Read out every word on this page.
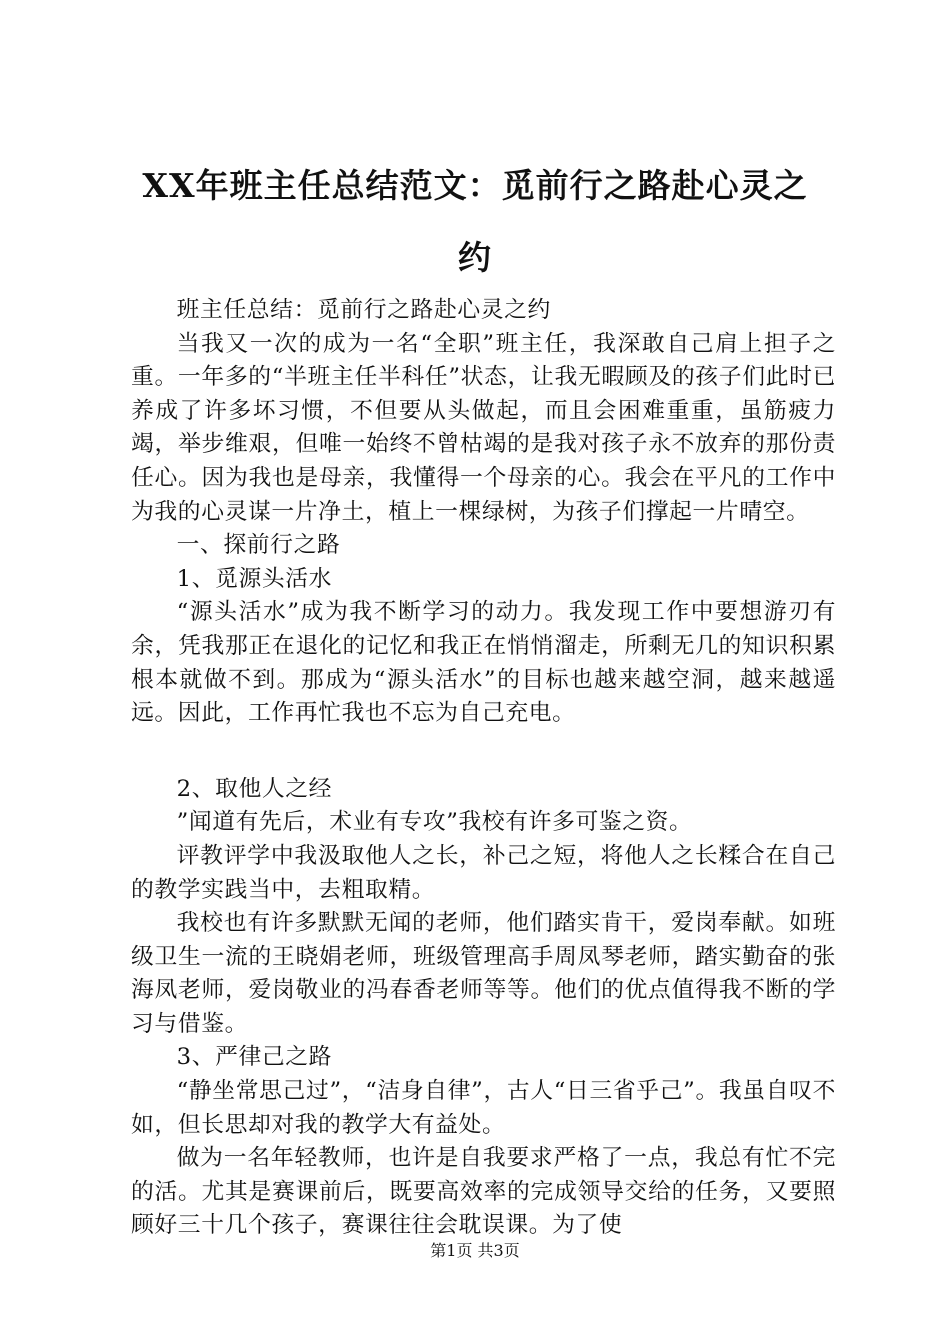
XX年班主任总结范文：觅前行之路赴心灵之
约

班主任总结：觅前行之路赴心灵之约

当我又一次的成为一名“全职”班主任，我深敢自己肩上担子之重。一年多的“半班主任半科任”状态，让我无暇顾及的孩子们此时已养成了许多坏习惯，不但要从头做起，而且会困难重重，虽筋疲力竭，举步维艰，但唯一始终不曾枯竭的是我对孩子永不放弃的那份责任心。因为我也是母亲，我懂得一个母亲的心。我会在平凡的工作中为我的心灵谋一片净土，植上一棵绿树，为孩子们撑起一片晴空。

一、探前行之路

1、觅源头活水

“源头活水”成为我不断学习的动力。我发现工作中要想游刃有余，凭我那正在退化的记忆和我正在悄悄溜走，所剩无几的知识积累根本就做不到。那成为“源头活水”的目标也越来越空洞，越来越遥远。因此，工作再忙我也不忘为自己充电。

2、取他人之经

”闻道有先后，术业有专攻”我校有许多可鉴之资。

评教评学中我汲取他人之长，补己之短，将他人之长糅合在自己的教学实践当中，去粗取精。

我校也有许多默默无闻的老师，他们踏实肯干，爱岗奉献。如班级卫生一流的王晓娟老师，班级管理高手周凤琴老师，踏实勤奋的张海凤老师，爱岗敬业的冯春香老师等等。他们的优点值得我不断的学习与借鉴。

3、严律己之路

“静坐常思己过”，“洁身自律”，古人“日三省乎己”。我虽自叹不如，但长思却对我的教学大有益处。

做为一名年轻教师，也许是自我要求严格了一点，我总有忙不完的活。尤其是赛课前后，既要高效率的完成领导交给的任务，又要照顾好三十几个孩子，赛课往往会耽误课。为了使

第1页 共3页
